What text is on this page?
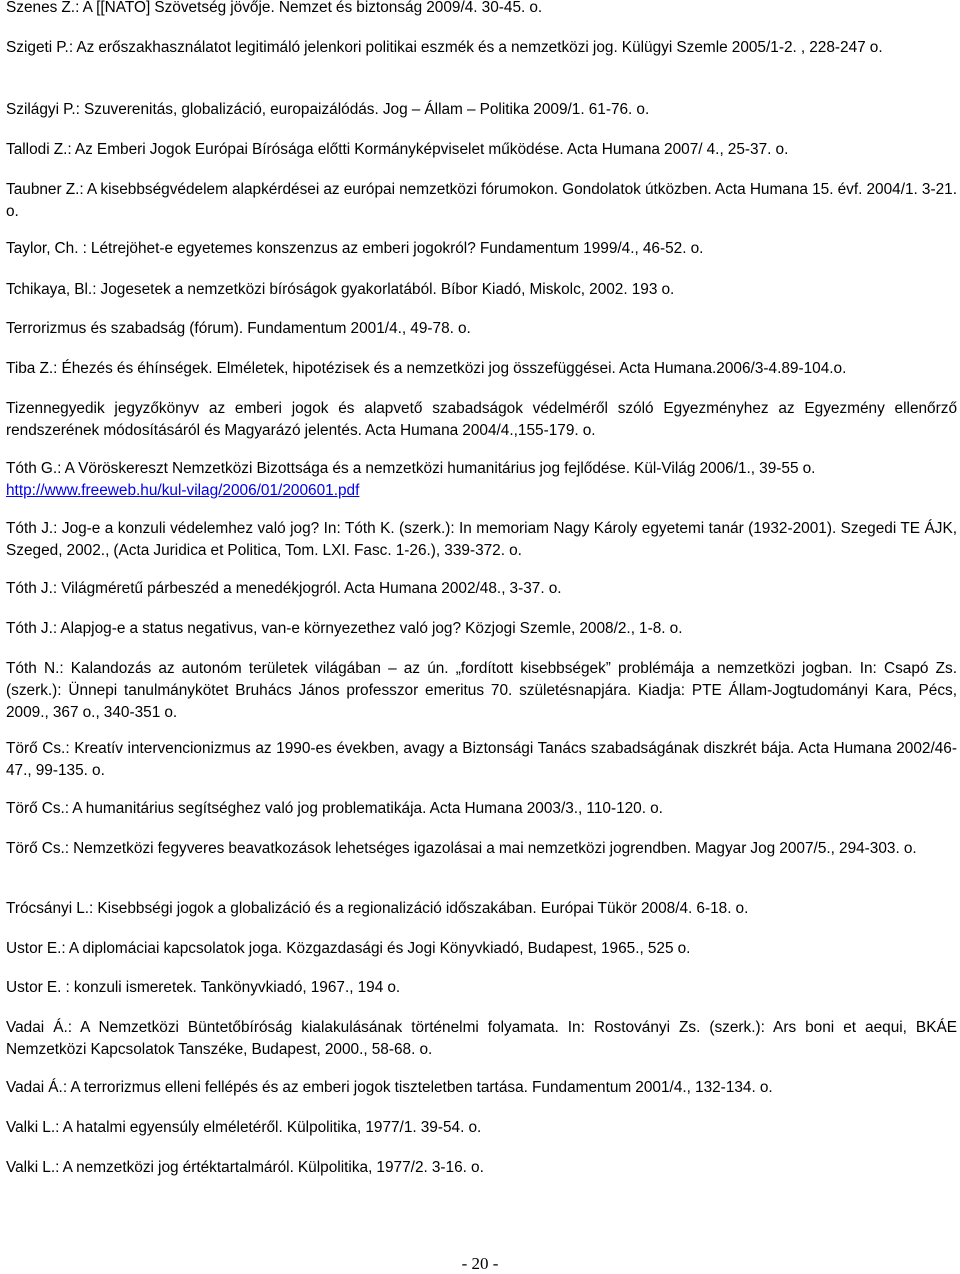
Szenes Z.: A [[NATO] Szövetség jövője. Nemzet és biztonság 2009/4. 30-45. o.

Szigeti P.: Az erőszakhasználatot legitimáló jelenkori politikai eszmék és a nemzetközi jog. Külügyi Szemle 2005/1-2. , 228-247 o.

Szilágyi P.: Szuverenitás, globalizáció, europaizálódás. Jog – Állam – Politika 2009/1. 61-76. o.

Tallodi Z.: Az Emberi Jogok Európai Bírósága előtti Kormányképviselet működése. Acta Humana 2007/ 4., 25-37. o.

Taubner Z.: A kisebbségvédelem alapkérdései az európai nemzetközi fórumokon. Gondolatok útközben. Acta Humana 15. évf. 2004/1. 3-21. o.

Taylor, Ch. : Létrejöhet-e egyetemes konszenzus az emberi jogokról? Fundamentum 1999/4., 46-52. o.

Tchikaya, Bl.: Jogesetek a nemzetközi bíróságok gyakorlatából. Bíbor Kiadó, Miskolc, 2002. 193 o.

Terrorizmus és szabadság (fórum). Fundamentum 2001/4., 49-78. o.

Tiba Z.: Éhezés és éhínségek. Elméletek, hipotézisek és a nemzetközi jog összefüggései. Acta Humana.2006/3-4.89-104.o.

Tizennegyedik jegyzőkönyv az emberi jogok és alapvető szabadságok védelméről szóló Egyezményhez az Egyezmény ellenőrző rendszerének módosításáról és Magyarázó jelentés. Acta Humana 2004/4.,155-179. o.

Tóth G.: A Vöröskereszt Nemzetközi Bizottsága és a nemzetközi humanitárius jog fejlődése. Kül-Világ 2006/1., 39-55 o.

http://www.freeweb.hu/kul-vilag/2006/01/200601.pdf

Tóth J.: Jog-e a konzuli védelemhez való jog? In: Tóth K. (szerk.): In memoriam Nagy Károly egyetemi tanár (1932-2001). Szegedi TE ÁJK, Szeged, 2002., (Acta Juridica et Politica, Tom. LXI. Fasc. 1-26.), 339-372. o.

Tóth J.: Világméretű párbeszéd a menedékjogról. Acta Humana 2002/48., 3-37. o.

Tóth J.: Alapjog-e a status negativus, van-e környezethez való jog? Közjogi Szemle, 2008/2., 1-8. o.

Tóth N.: Kalandozás az autonóm területek világában – az ún. „fordított kisebbségek” problémája a nemzetközi jogban. In: Csapó Zs. (szerk.): Ünnepi tanulmánykötet Bruhács János professzor emeritus 70. születésnapjára. Kiadja: PTE Állam-Jogtudományi Kara, Pécs, 2009., 367 o., 340-351 o.

Törő Cs.: Kreatív intervencionizmus az 1990-es években, avagy a Biztonsági Tanács szabadságának diszkrét bája. Acta Humana 2002/46-47., 99-135. o.

Törő Cs.: A humanitárius segítséghez való jog problematikája. Acta Humana 2003/3., 110-120. o.

Törő Cs.: Nemzetközi fegyveres beavatkozások lehetséges igazolásai a mai nemzetközi jogrendben. Magyar Jog 2007/5., 294-303. o.

Trócsányi L.: Kisebbségi jogok a globalizáció és a regionalizáció időszakában. Európai Tükör 2008/4. 6-18. o.

Ustor E.: A diplomáciai kapcsolatok joga. Közgazdasági és Jogi Könyvkiadó, Budapest, 1965., 525 o.

Ustor E. : konzuli ismeretek. Tankönyvkiadó, 1967., 194 o.

Vadai Á.: A Nemzetközi Büntetőbíróság kialakulásának történelmi folyamata. In: Rostoványi Zs. (szerk.): Ars boni et aequi, BKÁE Nemzetközi Kapcsolatok Tanszéke, Budapest, 2000., 58-68. o.

Vadai Á.: A terrorizmus elleni fellépés és az emberi jogok tiszteletben tartása. Fundamentum 2001/4., 132-134. o.

Valki L.: A hatalmi egyensúly elméletéről. Külpolitika, 1977/1. 39-54. o.

Valki L.: A nemzetközi jog értéktartalmáról. Külpolitika, 1977/2. 3-16. o.

- 20 -
